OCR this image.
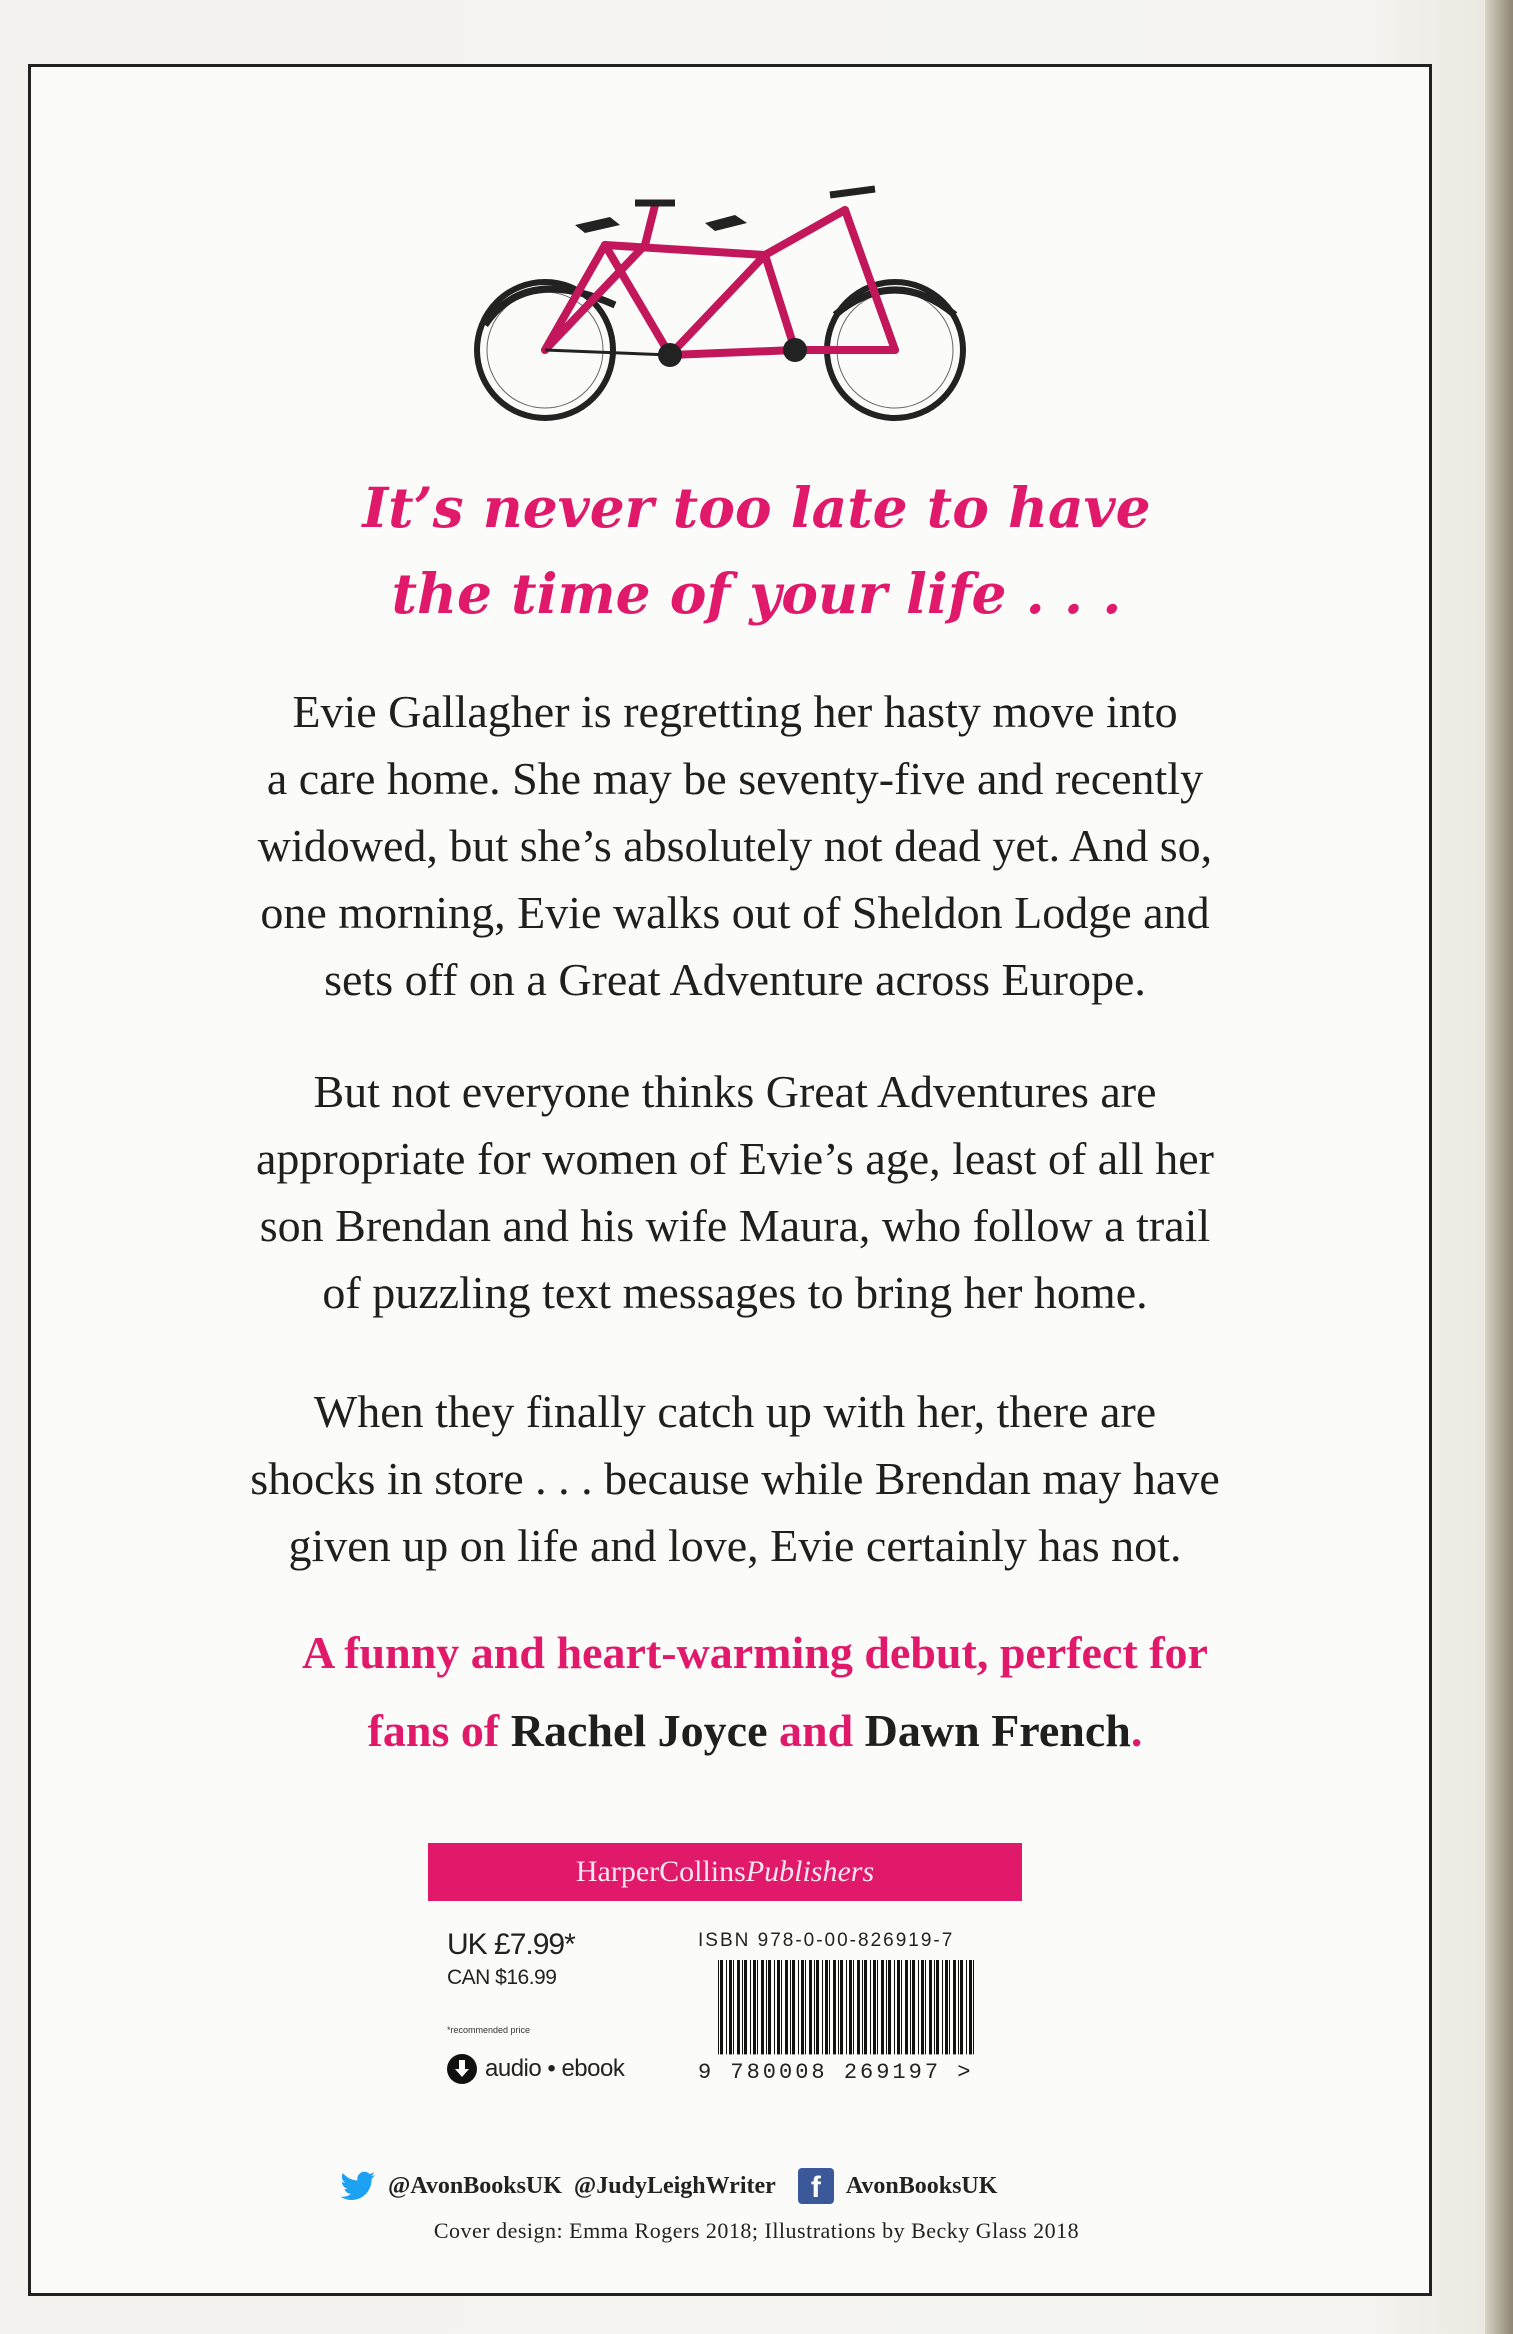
It’s never too late to have
the time of your life . . .
Evie Gallagher is regretting her hasty move into
a care home. She may be seventy-five and recently
widowed, but she’s absolutely not dead yet. And so,
one morning, Evie walks out of Sheldon Lodge and
sets off on a Great Adventure across Europe.
But not everyone thinks Great Adventures are
appropriate for women of Evie’s age, least of all her
son Brendan and his wife Maura, who follow a trail
of puzzling text messages to bring her home.
When they finally catch up with her, there are
shocks in store . . . because while Brendan may have
given up on life and love, Evie certainly has not.
A funny and heart-warming debut, perfect for
fans of Rachel Joyce and Dawn French.
HarperCollinsPublishers
UK £7.99*
CAN $16.99
*recommended price
audio • ebook
ISBN 978-0-00-826919-7
9 780008 269197 >
@AvonBooksUK @JudyLeighWriter	f	AvonBooksUK
Cover design: Emma Rogers 2018; Illustrations by Becky Glass 2018
